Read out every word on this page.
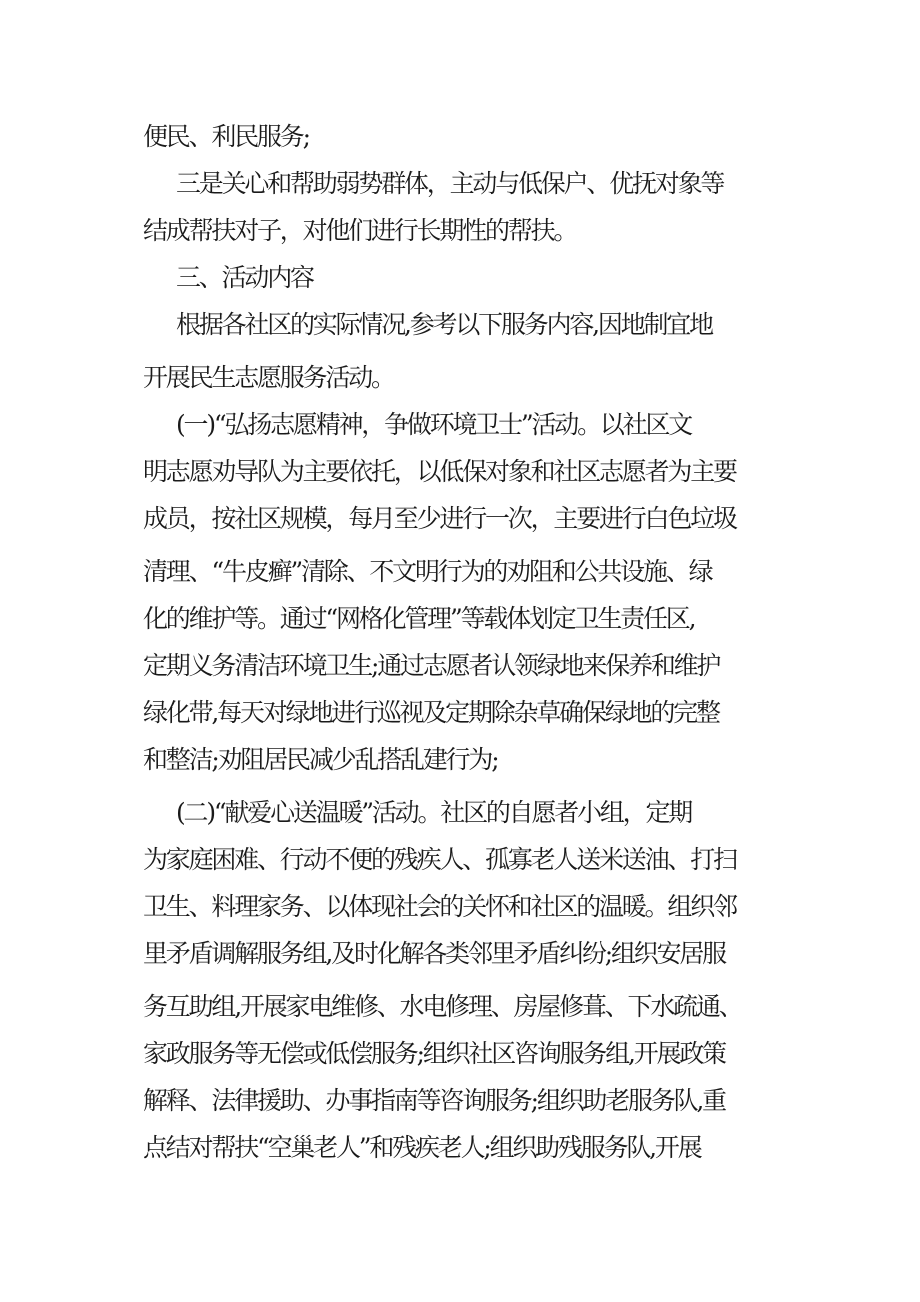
便民、利民服务;
三是关心和帮助弱势群体，主动与低保户、优抚对象等
结成帮扶对子，对他们进行长期性的帮扶。
三、活动内容
根据各社区的实际情况,参考以下服务内容,因地制宜地
开展民生志愿服务活动。
(一)“弘扬志愿精神，争做环境卫士”活动。以社区文
明志愿劝导队为主要依托，以低保对象和社区志愿者为主要
成员，按社区规模，每月至少进行一次，主要进行白色垃圾
清理、“牛皮癣”清除、不文明行为的劝阻和公共设施、绿
化的维护等。通过“网格化管理”等载体划定卫生责任区,
定期义务清洁环境卫生;通过志愿者认领绿地来保养和维护
绿化带,每天对绿地进行巡视及定期除杂草确保绿地的完整
和整洁;劝阻居民减少乱搭乱建行为;
(二)“献爱心送温暖”活动。社区的自愿者小组，定期
为家庭困难、行动不便的残疾人、孤寡老人送米送油、打扫
卫生、料理家务、以体现社会的关怀和社区的温暖。组织邻
里矛盾调解服务组,及时化解各类邻里矛盾纠纷;组织安居服
务互助组,开展家电维修、水电修理、房屋修葺、下水疏通、
家政服务等无偿或低偿服务;组织社区咨询服务组,开展政策
解释、法律援助、办事指南等咨询服务;组织助老服务队,重
点结对帮扶“空巢老人”和残疾老人;组织助残服务队,开展
